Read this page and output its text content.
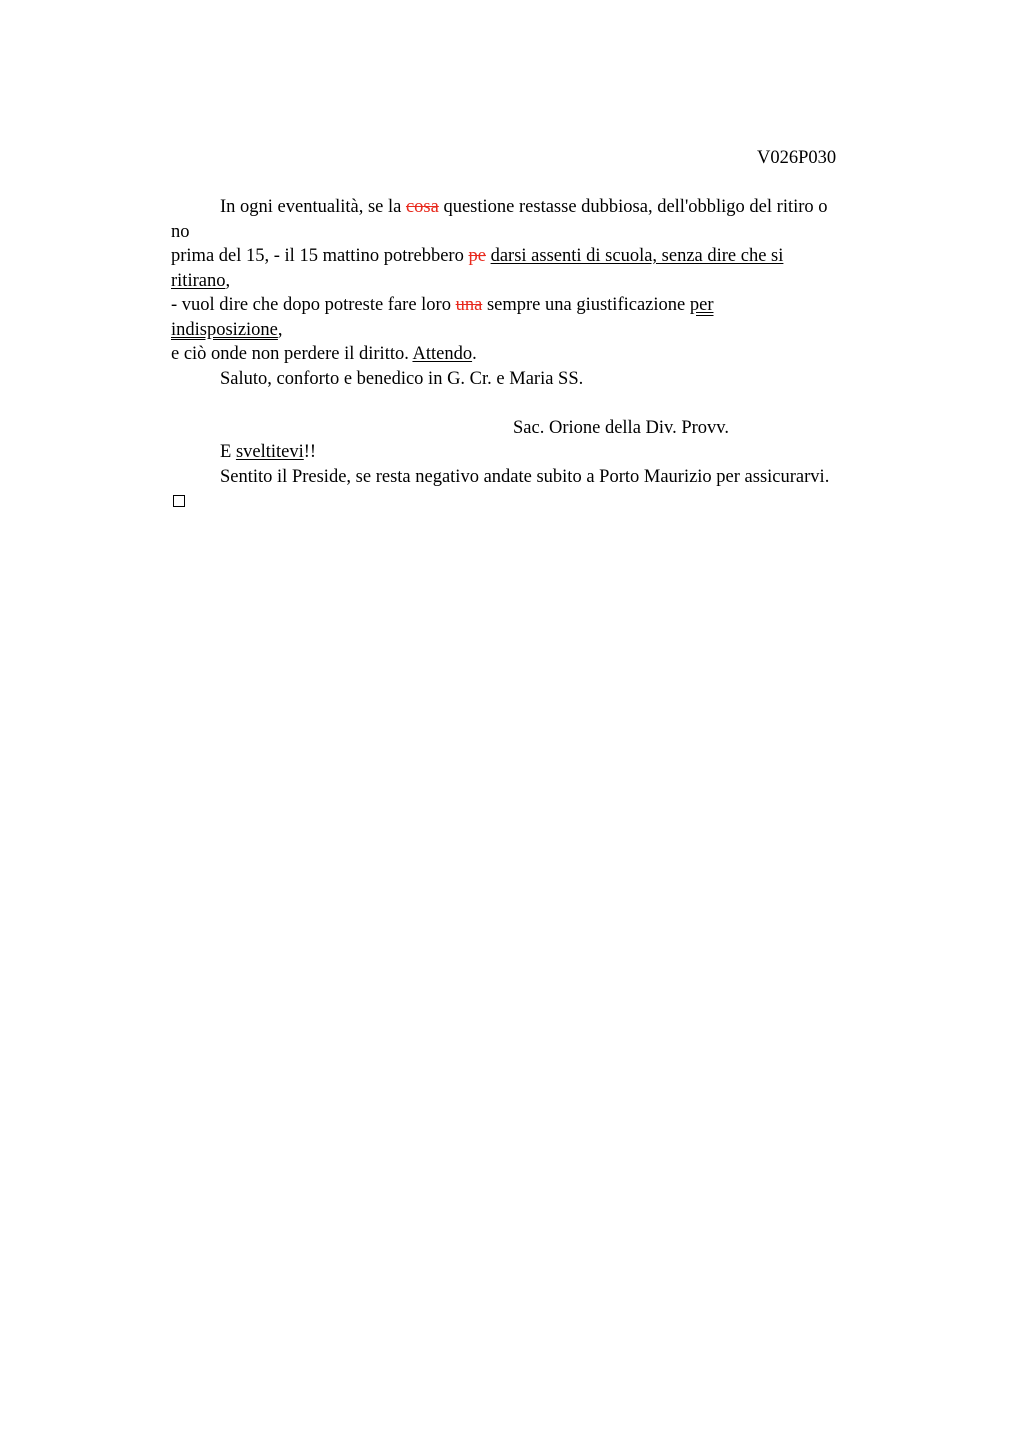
V026P030
In ogni eventualità, se la cosa questione restasse dubbiosa, dell'obbligo del ritiro o
no
prima del 15, - il 15 mattino potrebbero pe darsi assenti di scuola, senza dire che si
ritirano,
- vuol dire che dopo potreste fare loro una sempre una giustificazione per
indisposizione,
e ciò onde non perdere il diritto. Attendo.
Saluto, conforto e benedico in G. Cr. e Maria SS.
Sac. Orione della Div. Provv.
E sveltitevi!!
Sentito il Preside, se resta negativo andate subito a Porto Maurizio per assicurarvi.
